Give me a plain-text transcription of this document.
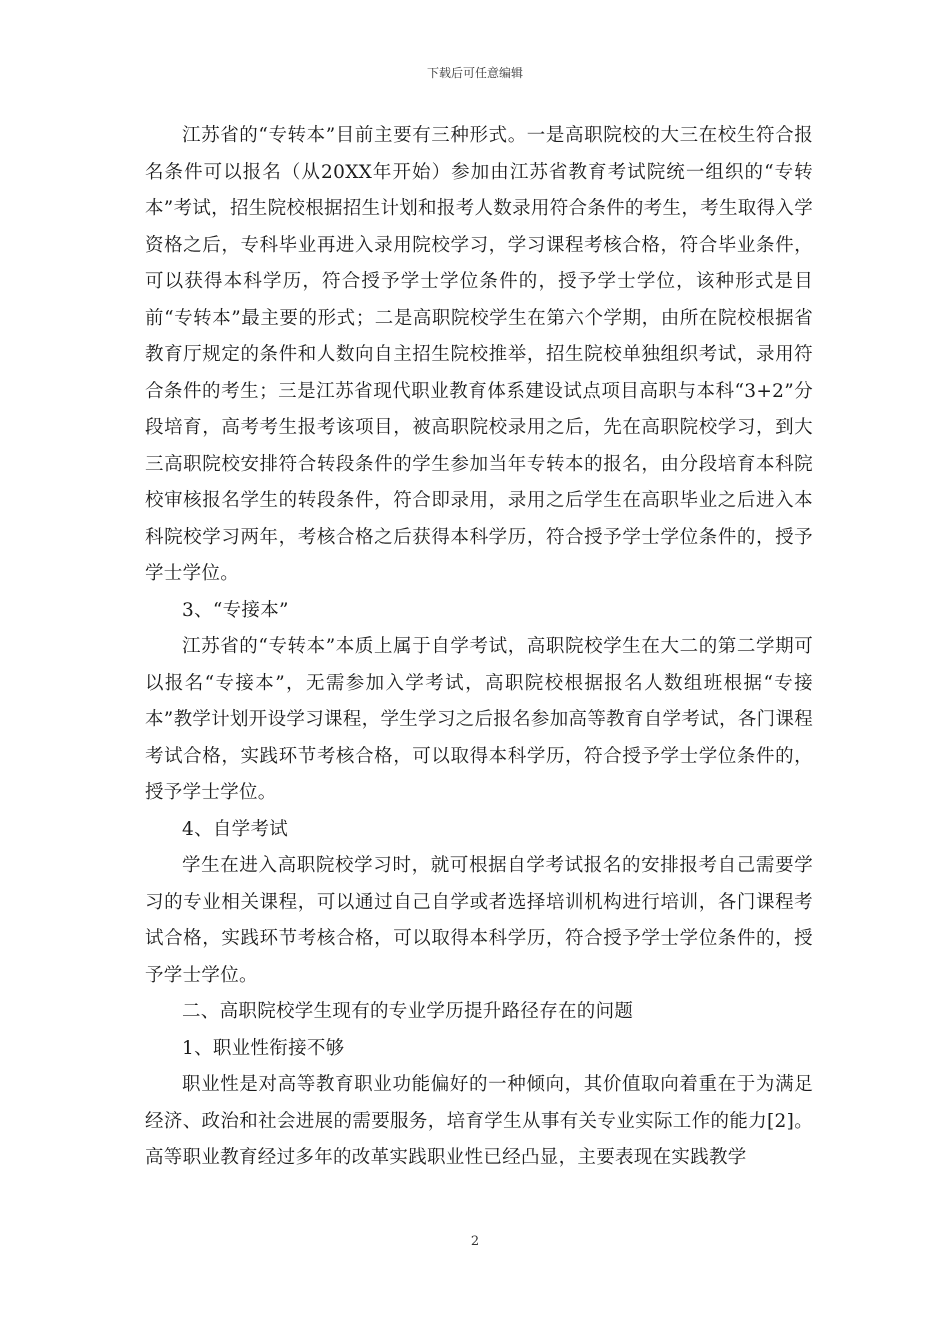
下载后可任意编辑

江苏省的“专转本”目前主要有三种形式。一是高职院校的大三在校生符合报名条件可以报名（从20XX年开始）参加由江苏省教育考试院统一组织的“专转本”考试，招生院校根据招生计划和报考人数录用符合条件的考生，考生取得入学资格之后，专科毕业再进入录用院校学习，学习课程考核合格，符合毕业条件，可以获得本科学历，符合授予学士学位条件的，授予学士学位，该种形式是目前“专转本”最主要的形式；二是高职院校学生在第六个学期，由所在院校根据省教育厅规定的条件和人数向自主招生院校推举，招生院校单独组织考试，录用符合条件的考生；三是江苏省现代职业教育体系建设试点项目高职与本科“3+2”分段培育，高考考生报考该项目，被高职院校录用之后，先在高职院校学习，到大三高职院校安排符合转段条件的学生参加当年专转本的报名，由分段培育本科院校审核报名学生的转段条件，符合即录用，录用之后学生在高职毕业之后进入本科院校学习两年，考核合格之后获得本科学历，符合授予学士学位条件的，授予学士学位。

3、“专接本”

江苏省的“专转本”本质上属于自学考试，高职院校学生在大二的第二学期可以报名“专接本”，无需参加入学考试，高职院校根据报名人数组班根据“专接本”教学计划开设学习课程，学生学习之后报名参加高等教育自学考试，各门课程考试合格，实践环节考核合格，可以取得本科学历，符合授予学士学位条件的，授予学士学位。

4、自学考试

学生在进入高职院校学习时，就可根据自学考试报名的安排报考自己需要学习的专业相关课程，可以通过自己自学或者选择培训机构进行培训，各门课程考试合格，实践环节考核合格，可以取得本科学历，符合授予学士学位条件的，授予学士学位。

二、高职院校学生现有的专业学历提升路径存在的问题

1、职业性衔接不够

职业性是对高等教育职业功能偏好的一种倾向，其价值取向着重在于为满足经济、政治和社会进展的需要服务，培育学生从事有关专业实际工作的能力[2]。高等职业教育经过多年的改革实践职业性已经凸显，主要表现在实践教学

2
